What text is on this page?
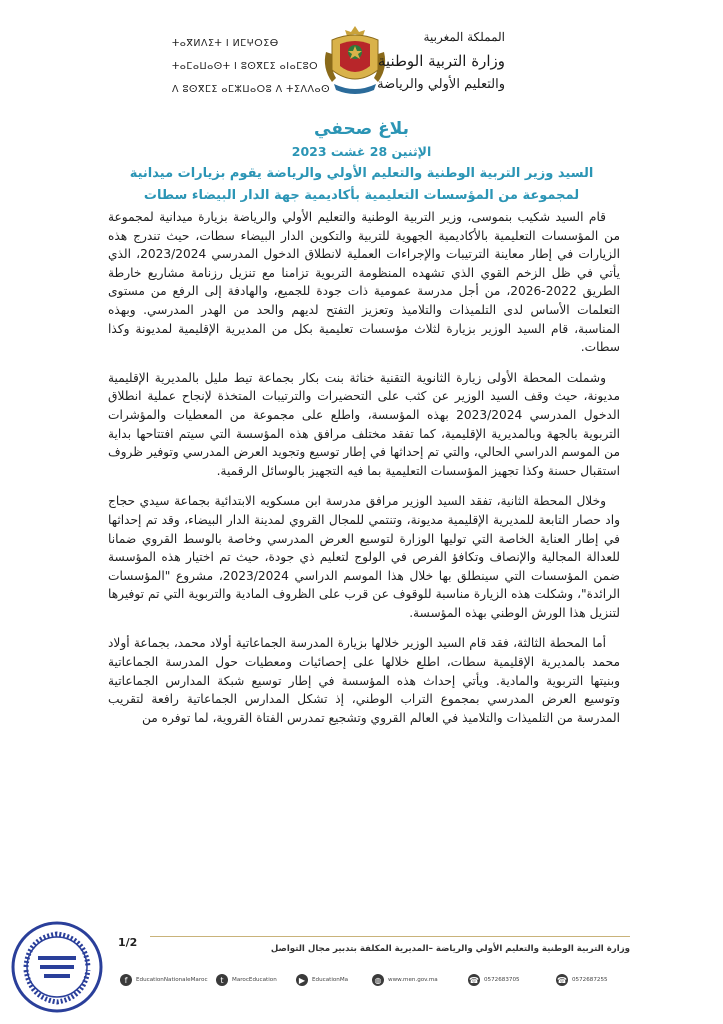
ⵜⴰⴳⵍⴷⵉⵜ ⵏ ⵍⵎⵖⵔⵉⴱ
ⵜⴰⵎⴰⵡⴰⵙⵜ ⵏ ⵓⵙⴳⵎⵉ ⴰⵏⴰⵎⵓⵔ
ⴷ ⵓⵙⴳⵎⵉ ⴰⵎⵣⵡⴰⵔⵓ ⴷ ⵜⵉⴷⴷⴰⵙ
المملكة المغربية
وزارة التربية الوطنية
والتعليم الأولي والرياضة
بلاغ صحفي
الإثنين 28 غشت 2023
السيد وزير التربية الوطنية والتعليم الأولي والرياضة يقوم بزيارات ميدانية
لمجموعة من المؤسسات التعليمية بأكاديمية جهة الدار البيضاء سطات

قام السيد شكيب بنموسى، وزير التربية الوطنية والتعليم الأولي والرياضة بزيارة ميدانية لمجموعة من المؤسسات التعليمية بالأكاديمية الجهوية للتربية والتكوين الدار البيضاء سطات، حيث تندرج هذه الزيارات في إطار معاينة الترتيبات والإجراءات العملية لانطلاق الدخول المدرسي 2023/2024، الذي يأتي في ظل الزخم القوي الذي تشهده المنظومة التربوية تزامنا مع تنزيل رزنامة مشاريع خارطة الطريق 2022-2026، من أجل مدرسة عمومية ذات جودة للجميع، والهادفة إلى الرفع من مستوى التعلمات الأساس لدى التلميذات والتلاميذ وتعزيز التفتح لديهم والحد من الهدر المدرسي. وبهذه المناسبة، قام السيد الوزير بزيارة لثلاث مؤسسات تعليمية بكل من المديرية الإقليمية لمديونة وكذا سطات.

وشملت المحطة الأولى زيارة الثانوية التقنية خناثة بنت بكار بجماعة تيط مليل بالمديرية الإقليمية مديونة، حيث وقف السيد الوزير عن كثب على التحضيرات والترتيبات المتخذة لإنجاح عملية انطلاق الدخول المدرسي 2023/2024 بهذه المؤسسة، واطلع على مجموعة من المعطيات والمؤشرات التربوية بالجهة وبالمديرية الإقليمية، كما تفقد مختلف مرافق هذه المؤسسة التي سيتم افتتاحها بداية من الموسم الدراسي الحالي، والتي تم إحداثها في إطار توسيع وتجويد العرض المدرسي وتوفير ظروف استقبال حسنة وكذا تجهيز المؤسسات التعليمية بما فيه التجهيز بالوسائل الرقمية.

وخلال المحطة الثانية، تفقد السيد الوزير مرافق مدرسة ابن مسكويه الابتدائية بجماعة سيدي حجاج واد حصار التابعة للمديرية الإقليمية مديونة، وتنتمي للمجال القروي لمدينة الدار البيضاء، وقد تم إحداثها في إطار العناية الخاصة التي توليها الوزارة لتوسيع العرض المدرسي وخاصة بالوسط القروي ضمانا للعدالة المجالية والإنصاف وتكافؤ الفرص في الولوج لتعليم ذي جودة، حيث تم اختيار هذه المؤسسة ضمن المؤسسات التي سينطلق بها خلال هذا الموسم الدراسي 2023/2024، مشروع "المؤسسات الرائدة"، وشكلت هذه الزيارة مناسبة للوقوف عن قرب على الظروف المادية والتربوية التي تم توفيرها لتنزيل هذا الورش الوطني بهذه المؤسسة.

أما المحطة الثالثة، فقد قام السيد الوزير خلالها بزيارة المدرسة الجماعاتية أولاد محمد، بجماعة أولاد محمد بالمديرية الإقليمية سطات، اطلع خلالها على إحصائيات ومعطيات حول المدرسة الجماعاتية وبنيتها التربوية والمادية. ويأتي إحداث هذه المؤسسة في إطار توسيع شبكة المدارس الجماعاتية وتوسيع العرض المدرسي بمجموع التراب الوطني، إذ تشكل المدارس الجماعاتية رافعة لتقريب المدرسة من التلميذات والتلاميذ في العالم القروي وتشجيع تمدرس الفتاة القروية، لما توفره من

1/2	وزارة التربية الوطنية والتعليم الأولي والرياضة –المديرية المكلفة بتدبير مجال التواصل
f	EducationNationaleMaroc	t	MarocEducation	▶	EducationMa	◍	www.men.gov.ma	☎ 0572683705	☎ 0572687255
